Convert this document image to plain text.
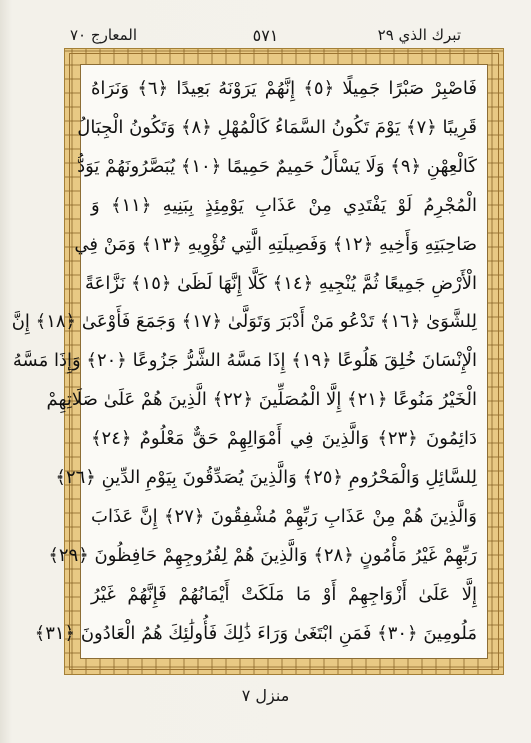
تبرك الذي ٢٩
٥٧١
المعارج ٧٠
فَاصْبِرْ صَبْرًا جَمِيلًا ﴿٥﴾ إِنَّهُمْ يَرَوْنَهُ بَعِيدًا ﴿٦﴾ وَنَرَاهُ
قَرِيبًا ﴿٧﴾ يَوْمَ تَكُونُ السَّمَاءُ كَالْمُهْلِ ﴿٨﴾ وَتَكُونُ الْجِبَالُ
كَالْعِهْنِ ﴿٩﴾ وَلَا يَسْأَلُ حَمِيمٌ حَمِيمًا ﴿١٠﴾ يُبَصَّرُونَهُمْ يَوَدُّ
الْمُجْرِمُ لَوْ يَفْتَدِي مِنْ عَذَابِ يَوْمِئِذٍ بِبَنِيهِ ﴿١١﴾ وَ
صَاحِبَتِهِ وَأَخِيهِ ﴿١٢﴾ وَفَصِيلَتِهِ الَّتِي تُؤْوِيهِ ﴿١٣﴾ وَمَنْ فِي
الْأَرْضِ جَمِيعًا ثُمَّ يُنْجِيهِ ﴿١٤﴾ كَلَّا إِنَّهَا لَظَىٰ ﴿١٥﴾ نَزَّاعَةً
لِلشَّوَىٰ ﴿١٦﴾ تَدْعُو مَنْ أَدْبَرَ وَتَوَلَّىٰ ﴿١٧﴾ وَجَمَعَ فَأَوْعَىٰ ﴿١٨﴾ إِنَّ
الْإِنْسَانَ خُلِقَ هَلُوعًا ﴿١٩﴾ إِذَا مَسَّهُ الشَّرُّ جَزُوعًا ﴿٢٠﴾ وَإِذَا مَسَّهُ
الْخَيْرُ مَنُوعًا ﴿٢١﴾ إِلَّا الْمُصَلِّينَ ﴿٢٢﴾ الَّذِينَ هُمْ عَلَىٰ صَلَاتِهِمْ
دَائِمُونَ ﴿٢٣﴾ وَالَّذِينَ فِي أَمْوَالِهِمْ حَقٌّ مَعْلُومٌ ﴿٢٤﴾
لِلسَّائِلِ وَالْمَحْرُومِ ﴿٢٥﴾ وَالَّذِينَ يُصَدِّقُونَ بِيَوْمِ الدِّينِ ﴿٢٦﴾
وَالَّذِينَ هُمْ مِنْ عَذَابِ رَبِّهِمْ مُشْفِقُونَ ﴿٢٧﴾ إِنَّ عَذَابَ
رَبِّهِمْ غَيْرُ مَأْمُونٍ ﴿٢٨﴾ وَالَّذِينَ هُمْ لِفُرُوجِهِمْ حَافِظُونَ ﴿٢٩﴾
إِلَّا عَلَىٰ أَزْوَاجِهِمْ أَوْ مَا مَلَكَتْ أَيْمَانُهُمْ فَإِنَّهُمْ غَيْرُ
مَلُومِينَ ﴿٣٠﴾ فَمَنِ ابْتَغَىٰ وَرَاءَ ذَٰلِكَ فَأُولَٰئِكَ هُمُ الْعَادُونَ ﴿٣١﴾
منزل ٧
